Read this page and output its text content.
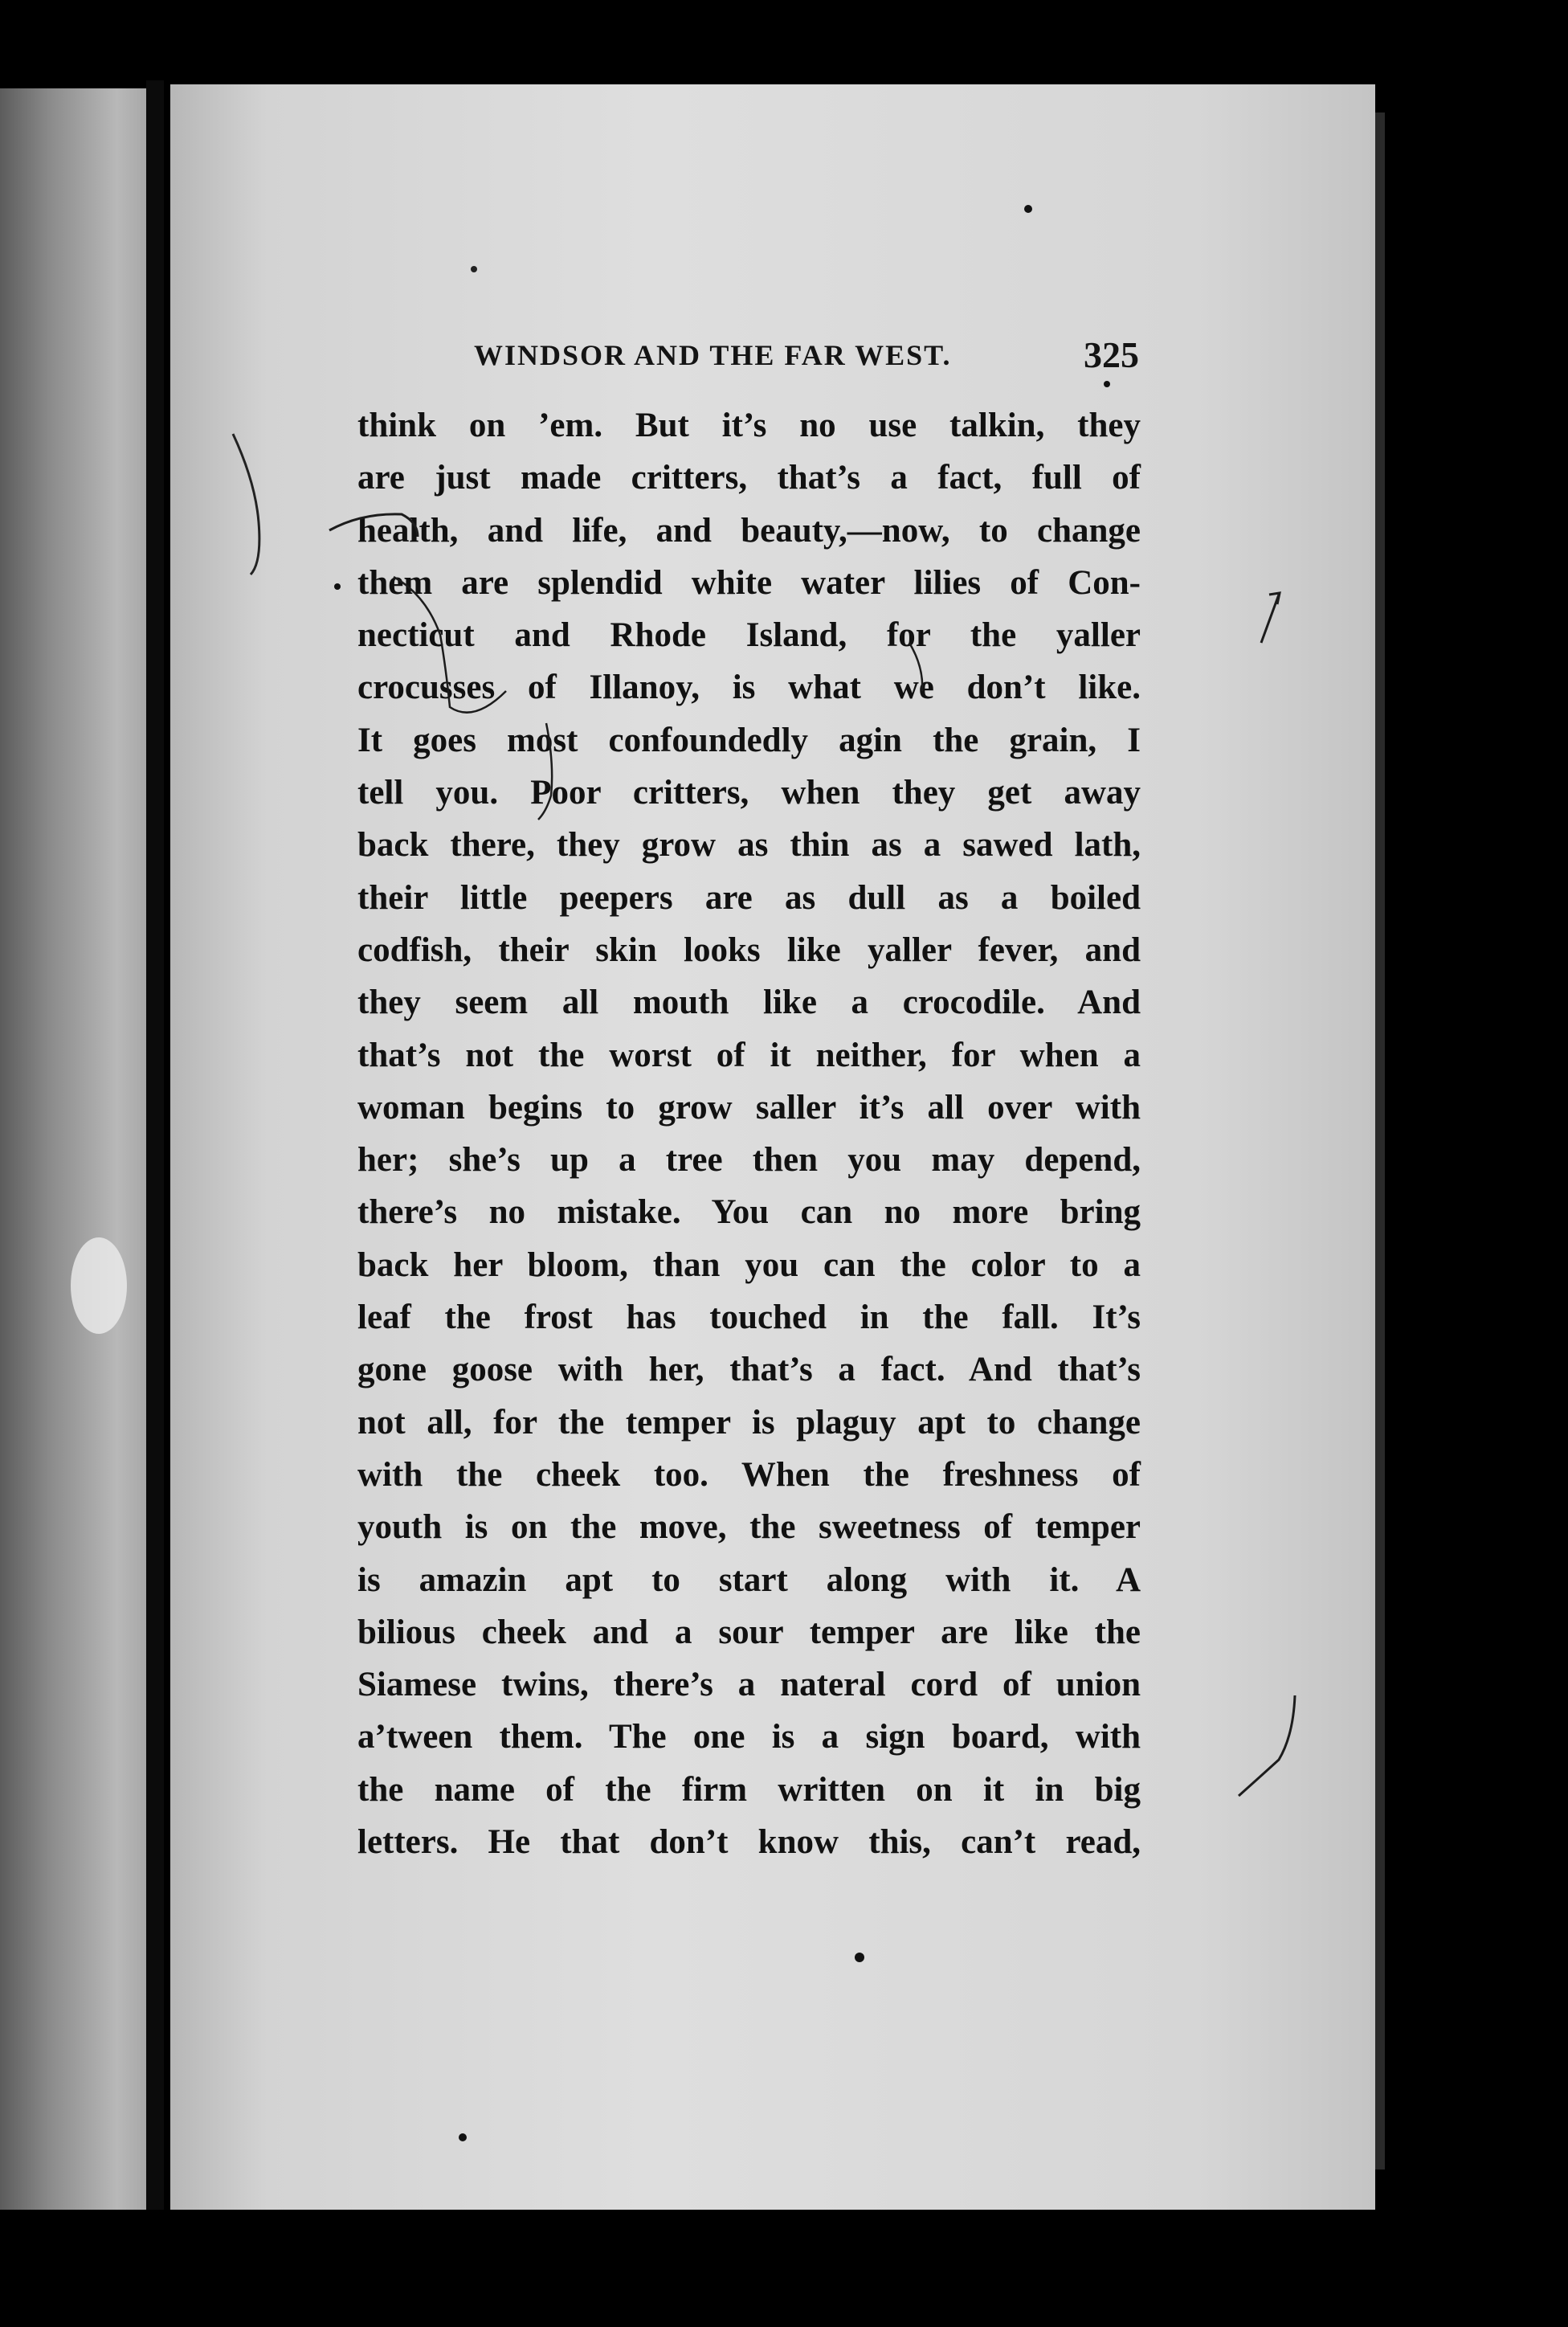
WINDSOR AND THE FAR WEST.	325
think on ’em. But it’s no use talkin, they
are just made critters, that’s a fact, full of
health, and life, and beauty,—now, to change
them are splendid white water lilies of Con-
necticut and Rhode Island, for the yaller
crocusses of Illanoy, is what we don’t like.
It goes most confoundedly agin the grain, I
tell you. Poor critters, when they get away
back there, they grow as thin as a sawed lath,
their little peepers are as dull as a boiled
codfish, their skin looks like yaller fever, and
they seem all mouth like a crocodile. And
that’s not the worst of it neither, for when a
woman begins to grow saller it’s all over with
her; she’s up a tree then you may depend,
there’s no mistake. You can no more bring
back her bloom, than you can the color to a
leaf the frost has touched in the fall. It’s
gone goose with her, that’s a fact. And that’s
not all, for the temper is plaguy apt to change
with the cheek too. When the freshness of
youth is on the move, the sweetness of temper
is amazin apt to start along with it. A
bilious cheek and a sour temper are like the
Siamese twins, there’s a nateral cord of union
a’tween them. The one is a sign board, with
the name of the firm written on it in big
letters. He that don’t know this, can’t read,
